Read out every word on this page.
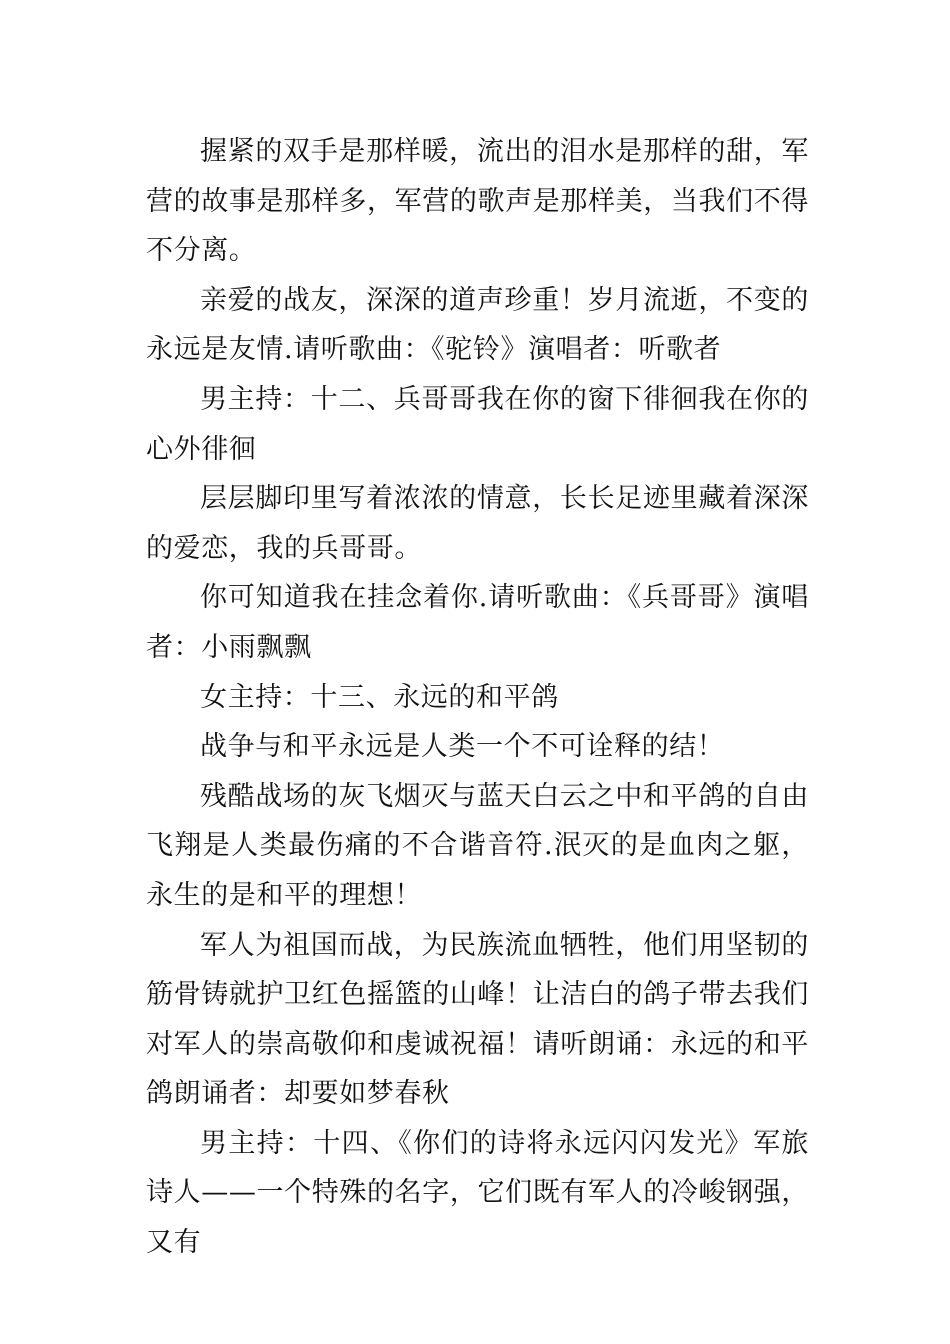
握紧的双手是那样暖，流出的泪水是那样的甜，军营的故事是那样多，军营的歌声是那样美，当我们不得不分离。

亲爱的战友，深深的道声珍重！岁月流逝，不变的永远是友情.请听歌曲：《驼铃》演唱者：听歌者

男主持：十二、兵哥哥我在你的窗下徘徊我在你的心外徘徊

层层脚印里写着浓浓的情意，长长足迹里藏着深深的爱恋，我的兵哥哥。

你可知道我在挂念着你.请听歌曲：《兵哥哥》演唱者：小雨飘飘

女主持：十三、永远的和平鸽

战争与和平永远是人类一个不可诠释的结！

残酷战场的灰飞烟灭与蓝天白云之中和平鸽的自由飞翔是人类最伤痛的不合谐音符.泯灭的是血肉之躯，永生的是和平的理想！

军人为祖国而战，为民族流血牺牲，他们用坚韧的筋骨铸就护卫红色摇篮的山峰！让洁白的鸽子带去我们对军人的崇高敬仰和虔诚祝福！请听朗诵：永远的和平鸽朗诵者：却要如梦春秋

男主持：十四、《你们的诗将永远闪闪发光》军旅诗人——一个特殊的名字，它们既有军人的冷峻钢强，又有
